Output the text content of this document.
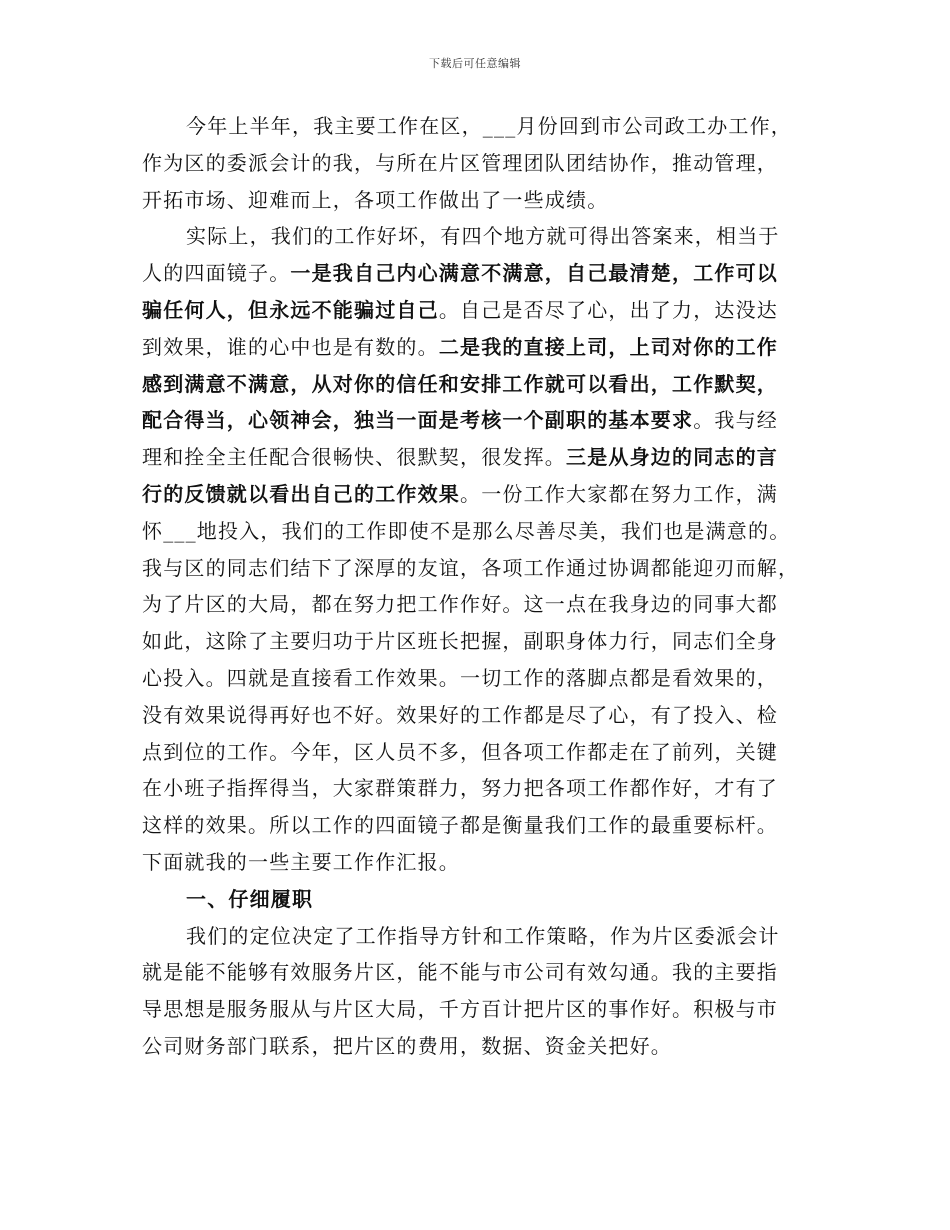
下载后可任意编辑
今年上半年，我主要工作在区，___月份回到市公司政工办工作，
作为区的委派会计的我，与所在片区管理团队团结协作，推动管理，
开拓市场、迎难而上，各项工作做出了一些成绩。
实际上，我们的工作好坏，有四个地方就可得出答案来，相当于
人的四面镜子。一是我自己内心满意不满意，自己最清楚，工作可以
骗任何人，但永远不能骗过自己。自己是否尽了心，出了力，达没达
到效果，谁的心中也是有数的。二是我的直接上司，上司对你的工作
感到满意不满意，从对你的信任和安排工作就可以看出，工作默契，
配合得当，心领神会，独当一面是考核一个副职的基本要求。我与经
理和拴全主任配合很畅快、很默契，很发挥。三是从身边的同志的言
行的反馈就以看出自己的工作效果。一份工作大家都在努力工作，满
怀___地投入，我们的工作即使不是那么尽善尽美，我们也是满意的。
我与区的同志们结下了深厚的友谊，各项工作通过协调都能迎刃而解，
为了片区的大局，都在努力把工作作好。这一点在我身边的同事大都
如此，这除了主要归功于片区班长把握，副职身体力行，同志们全身
心投入。四就是直接看工作效果。一切工作的落脚点都是看效果的，
没有效果说得再好也不好。效果好的工作都是尽了心，有了投入、检
点到位的工作。今年，区人员不多，但各项工作都走在了前列，关键
在小班子指挥得当，大家群策群力，努力把各项工作都作好，才有了
这样的效果。所以工作的四面镜子都是衡量我们工作的最重要标杆。
下面就我的一些主要工作作汇报。
一、仔细履职
我们的定位决定了工作指导方针和工作策略，作为片区委派会计
就是能不能够有效服务片区，能不能与市公司有效勾通。我的主要指
导思想是服务服从与片区大局，千方百计把片区的事作好。积极与市
公司财务部门联系，把片区的费用，数据、资金关把好。
